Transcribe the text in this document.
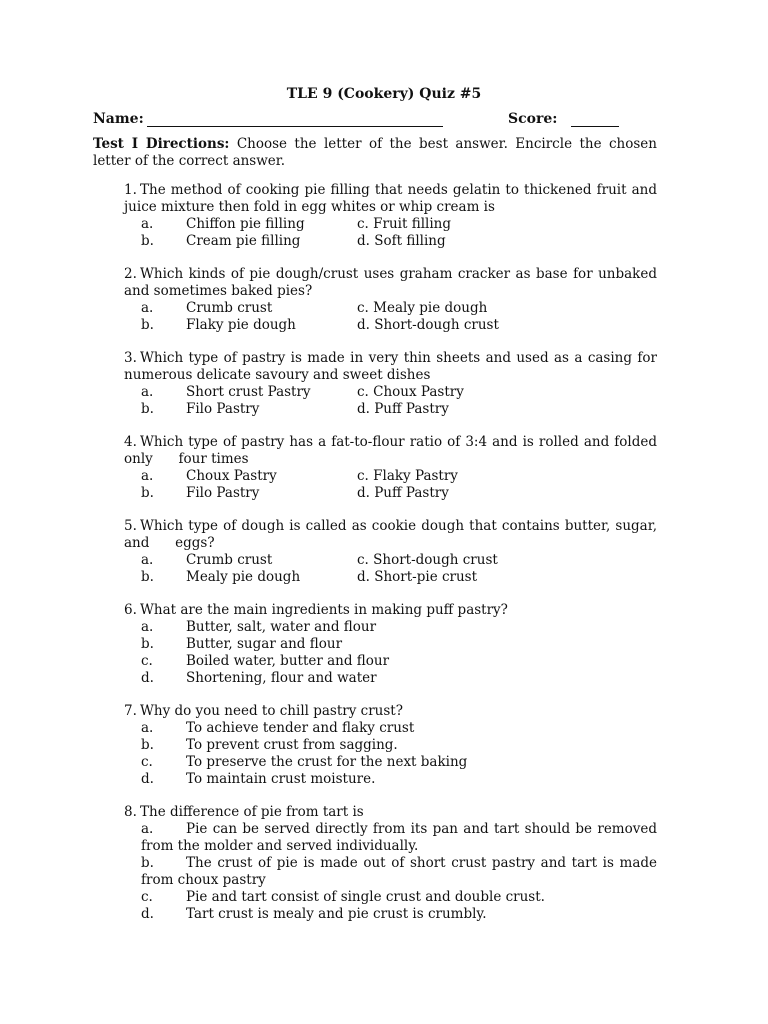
TLE 9 (Cookery) Quiz #5
Name:	Score:
Test I Directions: Choose the letter of the best answer. Encircle the chosen letter of the correct answer.
1. The method of cooking pie filling that needs gelatin to thickened fruit and juice mixture then fold in egg whites or whip cream is
a.	Chiffon pie filling	c. Fruit filling
b.	Cream pie filling	d. Soft filling
2. Which kinds of pie dough/crust uses graham cracker as base for unbaked and sometimes baked pies?
a.	Crumb crust	c. Mealy pie dough
b.	Flaky pie dough	d. Short-dough crust
3. Which type of pastry is made in very thin sheets and used as a casing for numerous delicate savoury and sweet dishes
a.	Short crust Pastry	c. Choux Pastry
b.	Filo Pastry	d. Puff Pastry
4. Which type of pastry has a fat-to-flour ratio of 3:4 and is rolled and folded only      four times
a.	Choux Pastry	c. Flaky Pastry
b.	Filo Pastry	d. Puff Pastry
5. Which type of dough is called as cookie dough that contains butter, sugar, and      eggs?
a.	Crumb crust	c. Short-dough crust
b.	Mealy pie dough	d. Short-pie crust
6. What are the main ingredients in making puff pastry?
a.	Butter, salt, water and flour
b.	Butter, sugar and flour
c.	Boiled water, butter and flour
d.	Shortening, flour and water
7. Why do you need to chill pastry crust?
a.	To achieve tender and flaky crust
b.	To prevent crust from sagging.
c.	To preserve the crust for the next baking
d.	To maintain crust moisture.
8. The difference of pie from tart is
a. Pie can be served directly from its pan and tart should be removed from the molder and served individually.
b. The crust of pie is made out of short crust pastry and tart is made from choux pastry
c. Pie and tart consist of single crust and double crust.
d. Tart crust is mealy and pie crust is crumbly.
